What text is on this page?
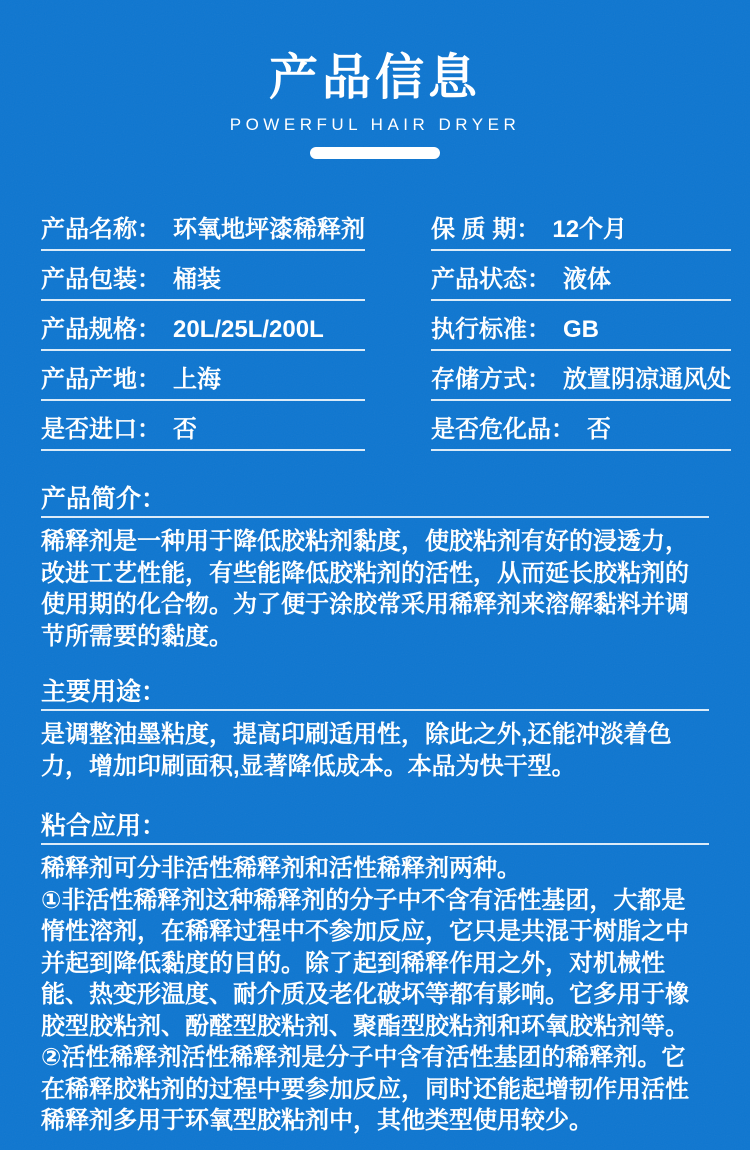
产品信息
POWERFUL HAIR DRYER
产品名称： 环氧地坪漆稀释剂
产品包装： 桶装
产品规格： 20L/25L/200L
产品产地： 上海
是否进口： 否
保 质 期： 12个月
产品状态： 液体
执行标准： GB
存储方式： 放置阴凉通风处
是否危化品： 否
产品简介：

稀释剂是一种用于降低胶粘剂黏度，使胶粘剂有好的浸透力，改进工艺性能，有些能降低胶粘剂的活性，从而延长胶粘剂的使用期的化合物。为了便于涂胶常采用稀释剂来溶解黏料并调节所需要的黏度。

主要用途：

是调整油墨粘度，提高印刷适用性，除此之外,还能冲淡着色力，增加印刷面积,显著降低成本。本品为快干型。

粘合应用：

稀释剂可分非活性稀释剂和活性稀释剂两种。

①非活性稀释剂这种稀释剂的分子中不含有活性基团，大都是惰性溶剂，在稀释过程中不参加反应，它只是共混于树脂之中并起到降低黏度的目的。除了起到稀释作用之外，对机械性能、热变形温度、耐介质及老化破坏等都有影响。它多用于橡胶型胶粘剂、酚醛型胶粘剂、聚酯型胶粘剂和环氧胶粘剂等。

②活性稀释剂活性稀释剂是分子中含有活性基团的稀释剂。它在稀释胶粘剂的过程中要参加反应，同时还能起增韧作用活性稀释剂多用于环氧型胶粘剂中，其他类型使用较少。
